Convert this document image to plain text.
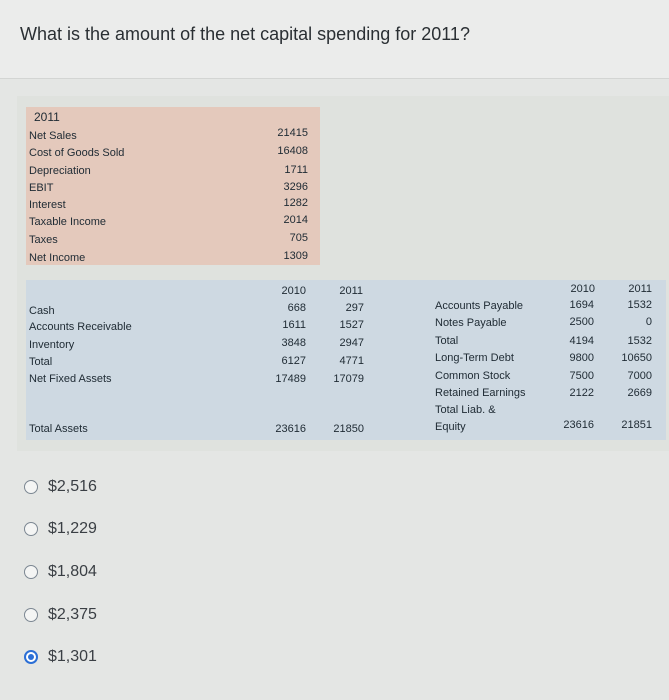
What is the amount of the net capital spending for 2011?
2011
Net Sales
Cost of Goods Sold
Depreciation
EBIT
Interest
Taxable Income
Taxes
Net Income
21415
16408
1711
3296
1282
2014
705
1309
2010	2011
Cash
Accounts Receivable
Inventory
Total
Net Fixed Assets
Total Assets
668
1611
3848
6127
17489
23616
297
1527
2947
4771
17079
21850
2010	2011
Accounts Payable
Notes Payable
Total
Long-Term Debt
Common Stock
Retained Earnings
Total Liab. &
Equity
1694
2500
4194
9800
7500
2122
23616
1532
0
1532
10650
7000
2669
21851
$2,516
$1,229
$1,804
$2,375
$1,301
